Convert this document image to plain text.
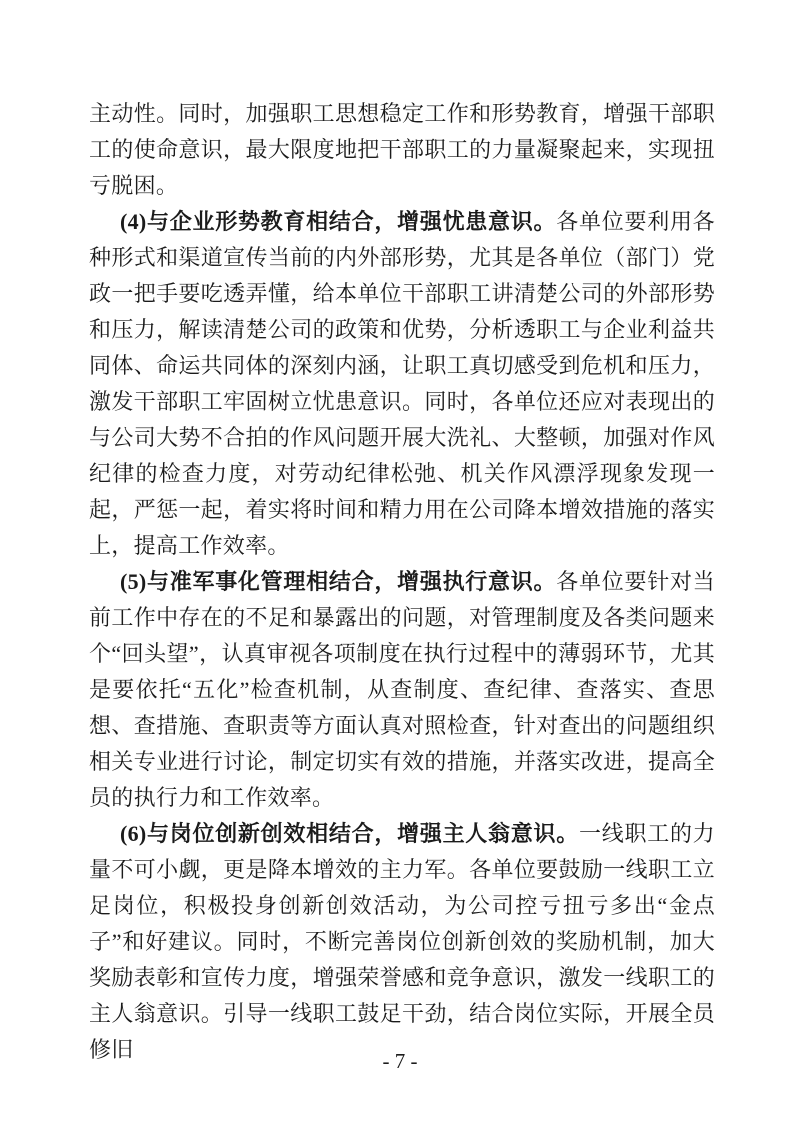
主动性。同时，加强职工思想稳定工作和形势教育，增强干部职工的使命意识，最大限度地把干部职工的力量凝聚起来，实现扭亏脱困。

(4)与企业形势教育相结合，增强忧患意识。各单位要利用各种形式和渠道宣传当前的内外部形势，尤其是各单位（部门）党政一把手要吃透弄懂，给本单位干部职工讲清楚公司的外部形势和压力，解读清楚公司的政策和优势，分析透职工与企业利益共同体、命运共同体的深刻内涵，让职工真切感受到危机和压力，激发干部职工牢固树立忧患意识。同时，各单位还应对表现出的与公司大势不合拍的作风问题开展大洗礼、大整顿，加强对作风纪律的检查力度，对劳动纪律松弛、机关作风漂浮现象发现一起，严惩一起，着实将时间和精力用在公司降本增效措施的落实上，提高工作效率。

(5)与准军事化管理相结合，增强执行意识。各单位要针对当前工作中存在的不足和暴露出的问题，对管理制度及各类问题来个“回头望”，认真审视各项制度在执行过程中的薄弱环节，尤其是要依托“五化”检查机制，从查制度、查纪律、查落实、查思想、查措施、查职责等方面认真对照检查，针对查出的问题组织相关专业进行讨论，制定切实有效的措施，并落实改进，提高全员的执行力和工作效率。

(6)与岗位创新创效相结合，增强主人翁意识。一线职工的力量不可小觑，更是降本增效的主力军。各单位要鼓励一线职工立足岗位，积极投身创新创效活动，为公司控亏扭亏多出“金点子”和好建议。同时，不断完善岗位创新创效的奖励机制，加大奖励表彰和宣传力度，增强荣誉感和竞争意识，激发一线职工的主人翁意识。引导一线职工鼓足干劲，结合岗位实际，开展全员修旧	- 7 -
